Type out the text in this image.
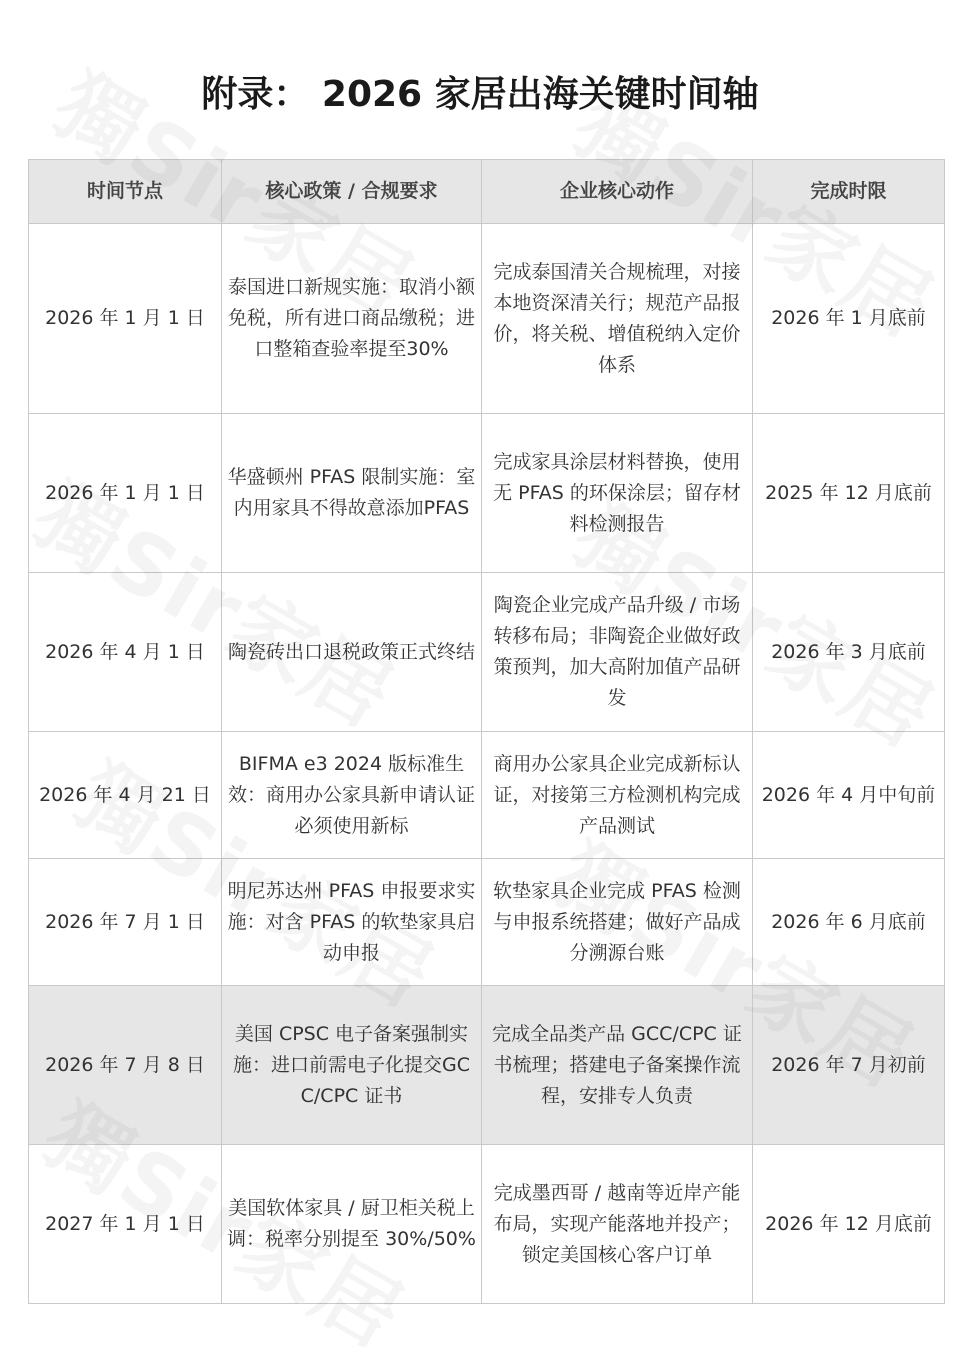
附录： 2026 家居出海关键时间轴
时间节点	核心政策 / 合规要求	企业核心动作	完成时限
2026 年 1 月 1 日	泰国进口新规实施：取消小额免税，所有进口商品缴税；进口整箱查验率提至30%	完成泰国清关合规梳理，对接本地资深清关行；规范产品报价，将关税、增值税纳入定价体系	2026 年 1 月底前
2026 年 1 月 1 日	华盛顿州 PFAS 限制实施：室内用家具不得故意添加PFAS	完成家具涂层材料替换，使用无 PFAS 的环保涂层；留存材料检测报告	2025 年 12 月底前
2026 年 4 月 1 日	陶瓷砖出口退税政策正式终结	陶瓷企业完成产品升级 / 市场转移布局；非陶瓷企业做好政策预判，加大高附加值产品研发	2026 年 3 月底前
2026 年 4 月 21 日	BIFMA e3 2024 版标准生效：商用办公家具新申请认证必须使用新标	商用办公家具企业完成新标认证，对接第三方检测机构完成产品测试	2026 年 4 月中旬前
2026 年 7 月 1 日	明尼苏达州 PFAS 申报要求实施：对含 PFAS 的软垫家具启动申报	软垫家具企业完成 PFAS 检测与申报系统搭建；做好产品成分溯源台账	2026 年 6 月底前
2026 年 7 月 8 日	美国 CPSC 电子备案强制实施：进口前需电子化提交GCC/CPC 证书	完成全品类产品 GCC/CPC 证书梳理；搭建电子备案操作流程，安排专人负责	2026 年 7 月初前
2027 年 1 月 1 日	美国软体家具 / 厨卫柜关税上调：税率分别提至 30%/50%	完成墨西哥 / 越南等近岸产能布局，实现产能落地并投产；锁定美国核心客户订单	2026 年 12 月底前
